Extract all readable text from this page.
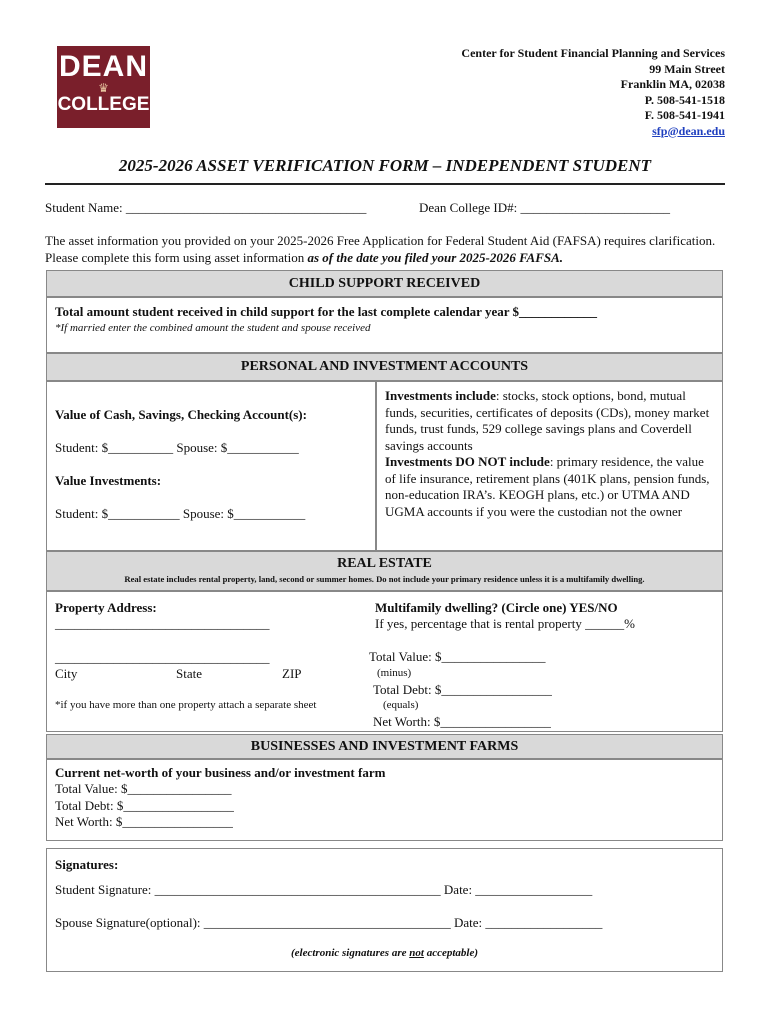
DEAN
♛
COLLEGE
Center for Student Financial Planning and Services
99 Main Street
Franklin MA, 02038
P. 508-541-1518
F. 508-541-1941
sfp@dean.edu
2025-2026 ASSET VERIFICATION FORM – INDEPENDENT STUDENT
Student Name: _____________________________________	Dean College ID#: _______________________
The asset information you provided on your 2025-2026 Free Application for Federal Student Aid (FAFSA) requires clarification. Please complete this form using asset information as of the date you filed your 2025-2026 FAFSA.
CHILD SUPPORT RECEIVED
Total amount student received in child support for the last complete calendar year $____________
*If married enter the combined amount the student and spouse received
PERSONAL AND INVESTMENT ACCOUNTS
Value of Cash, Savings, Checking Account(s):
Student: $__________ Spouse: $___________
Value Investments:
Student: $___________ Spouse: $___________
Investments include: stocks, stock options, bond, mutual funds, securities, certificates of deposits (CDs), money market funds, trust funds, 529 college savings plans and Coverdell savings accounts
Investments DO NOT include: primary residence, the value of life insurance, retirement plans (401K plans, pension funds, non-education IRA’s. KEOGH plans, etc.) or UTMA AND UGMA accounts if you were the custodian not the owner
REAL ESTATE
Real estate includes rental property, land, second or summer homes. Do not include your primary residence unless it is a multifamily dwelling.
Property Address:
_________________________________
_________________________________
City	State	ZIP
*if you have more than one property attach a separate sheet
Multifamily dwelling? (Circle one) YES/NO
If yes, percentage that is rental property ______%
Total Value: $________________
(minus)
Total Debt: $_________________
(equals)
Net Worth: $_________________
BUSINESSES AND INVESTMENT FARMS
Current net-worth of your business and/or investment farm
Total Value: $________________
Total Debt: $_________________
Net Worth: $_________________
Signatures:
Student Signature: ____________________________________________ Date: __________________
Spouse Signature(optional): ______________________________________ Date: __________________
(electronic signatures are not acceptable)
